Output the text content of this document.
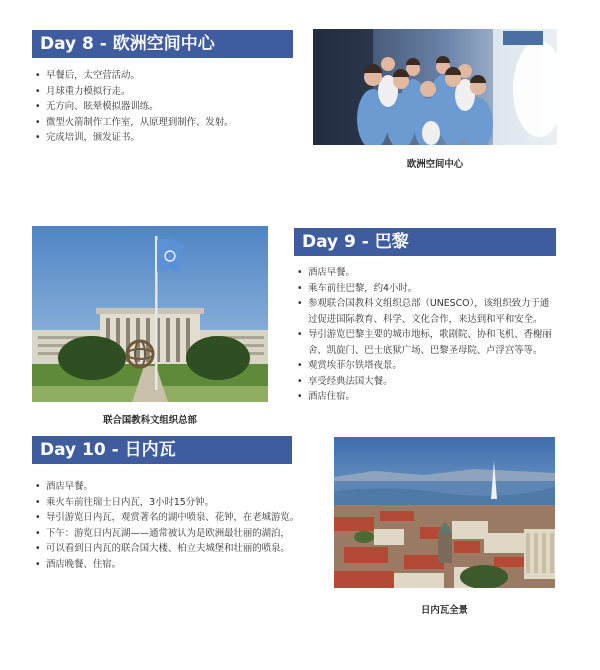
Day 8 - 欧洲空间中心
• 早餐后，太空营活动。
• 月球重力模拟行走。
• 无方向、眩晕模拟器训练。
• 微型火箭制作工作室，从原理到制作、发射。
• 完成培训，颁发证书。
欧洲空间中心
联合国教科文组织总部
Day 9 - 巴黎
• 酒店早餐。
• 乘车前往巴黎，约4小时。
• 参观联合国教科文组织总部（UNESCO），该组织致力于通
过促进国际教育、科学、文化合作，来达到和平和安全。
• 导引游览巴黎主要的城市地标，歌剧院、协和飞机、香榭丽
舍、凯旋门、巴士底狱广场、巴黎圣母院、卢浮宫等等。
• 观赏埃菲尔铁塔夜景。
• 享受经典法国大餐。
• 酒店住宿。
Day 10 - 日内瓦
• 酒店早餐。
• 乘火车前往瑞士日内瓦，3小时15分钟。
• 导引游览日内瓦，观赏著名的湖中喷泉、花钟，在老城游览。
• 下午：游览日内瓦湖——通常被认为是欧洲最壮丽的湖泊，
• 可以看到日内瓦的联合国大楼、柏立夫城堡和壮丽的喷泉。
• 酒店晚餐、住宿。
日内瓦全景
